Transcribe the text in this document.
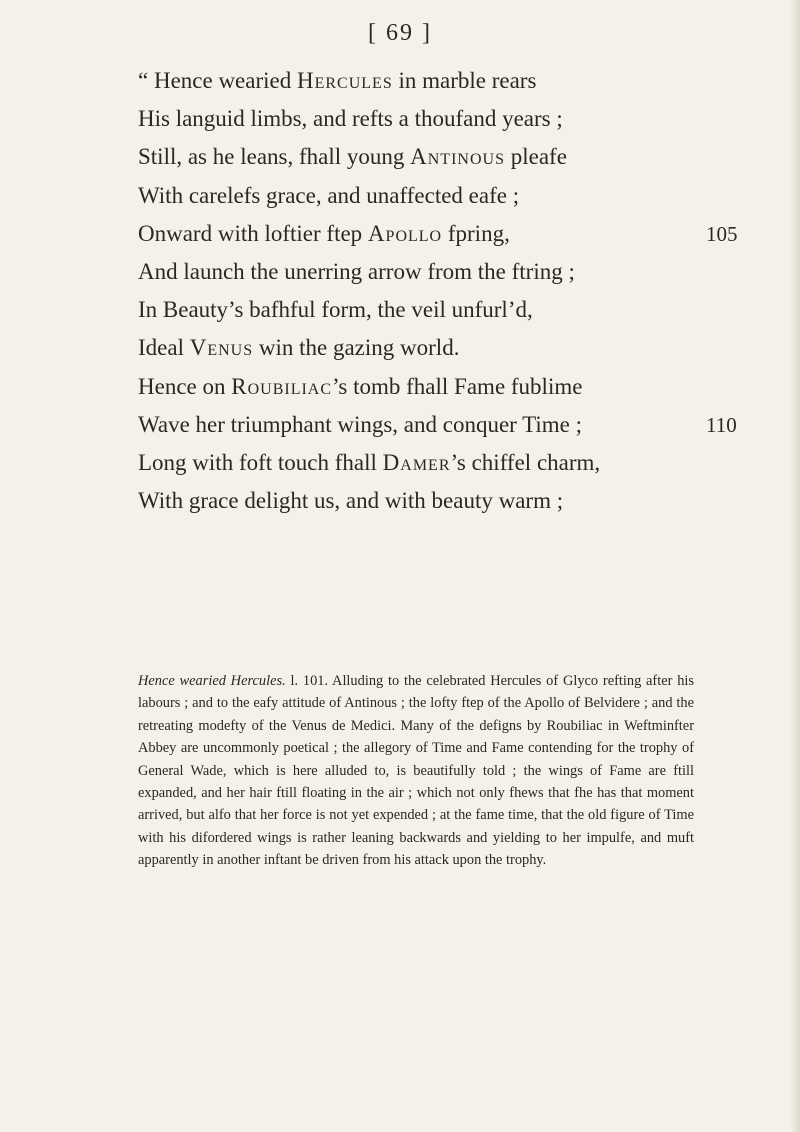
[ 69 ]
“ Hence wearied Hercules in marble rears
His languid limbs, and refts a thoufand years ;
Still, as he leans, fhall young Antinous pleafe
With carelefs grace, and unaffected eafe ;
Onward with loftier ftep Apollo fpring,	105
And launch the unerring arrow from the ftring ;
In Beauty’s bafhful form, the veil unfurl’d,
Ideal Venus win the gazing world.
Hence on Roubiliac’s tomb fhall Fame fublime
Wave her triumphant wings, and conquer Time ;	110
Long with foft touch fhall Damer’s chiffel charm,
With grace delight us, and with beauty warm ;
Hence wearied Hercules. l. 101. Alluding to the celebrated Hercules of Glyco refting after his labours ; and to the eafy attitude of Antinous ; the lofty ftep of the Apollo of Belvidere ; and the retreating modefty of the Venus de Medici. Many of the defigns by Roubiliac in Weftminfter Abbey are uncommonly poetical ; the allegory of Time and Fame contending for the trophy of General Wade, which is here alluded to, is beautifully told ; the wings of Fame are ftill expanded, and her hair ftill floating in the air ; which not only fhews that fhe has that moment arrived, but alfo that her force is not yet expended ; at the fame time, that the old figure of Time with his difordered wings is rather leaning backwards and yielding to her impulfe, and muft apparently in another inftant be driven from his attack upon the trophy.
